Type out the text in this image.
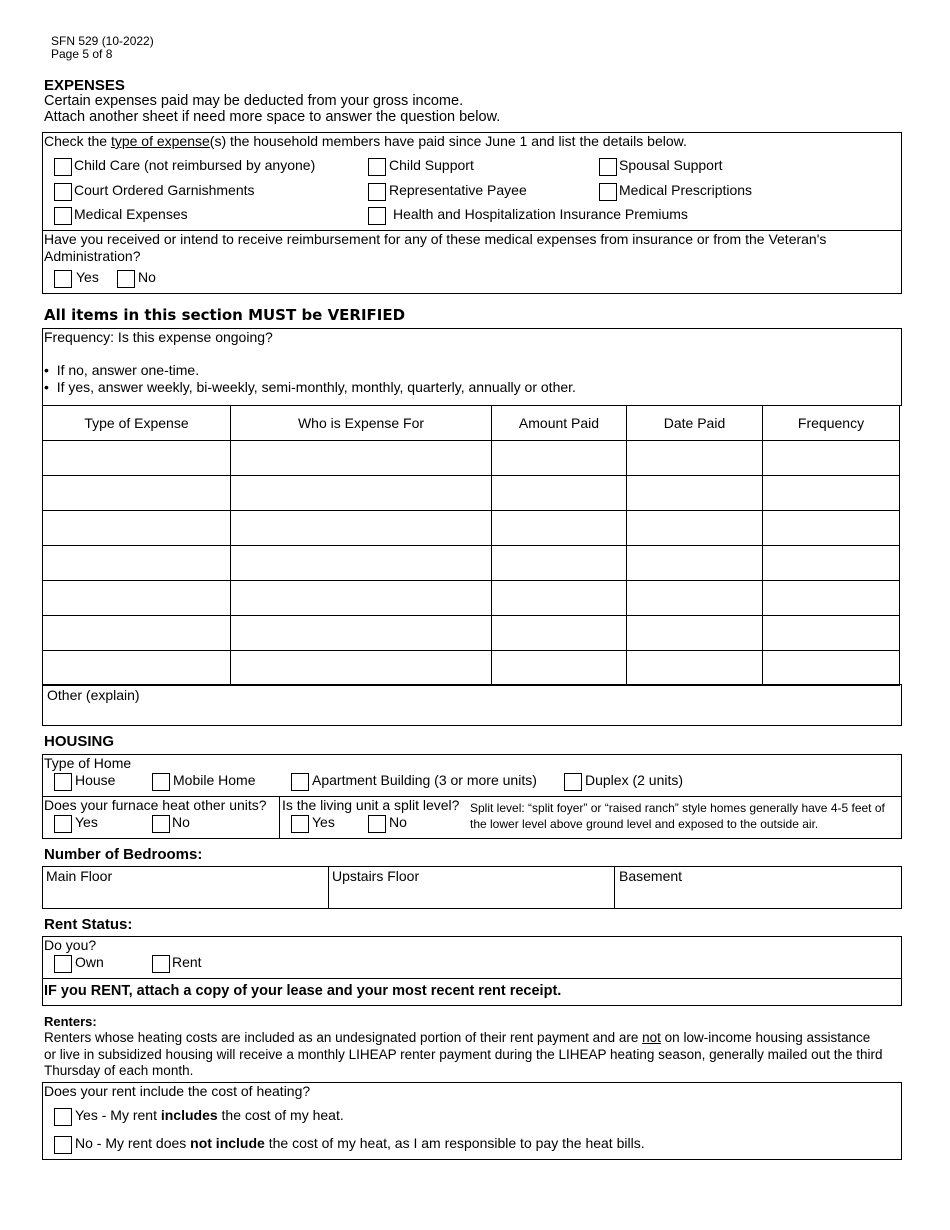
SFN 529 (10-2022)
Page 5 of 8
EXPENSES
Certain expenses paid may be deducted from your gross income.
Attach another sheet if need more space to answer the question below.
Check the type of expense(s) the household members have paid since June 1 and list the details below.
Child Care (not reimbursed by anyone)	Child Support	Spousal Support
Court Ordered Garnishments	Representative Payee	Medical Prescriptions
Medical Expenses	Health and Hospitalization Insurance Premiums
Have you received or intend to receive reimbursement for any of these medical expenses from insurance or from the Veteran's Administration?
Yes	No
All items in this section MUST be VERIFIED
Frequency: Is this expense ongoing?
•  If no, answer one-time.
•  If yes, answer weekly, bi-weekly, semi-monthly, monthly, quarterly, annually or other.
Type of Expense	Who is Expense For	Amount Paid	Date Paid	Frequency

Other (explain)
HOUSING
Type of Home
House	Mobile Home	Apartment Building (3 or more units)	Duplex (2 units)
Does your furnace heat other units?
Yes	No
Is the living unit a split level?
Yes	No
Split level: “split foyer” or “raised ranch” style homes generally have 4-5 feet of the lower level above ground level and exposed to the outside air.
Number of Bedrooms:
Main Floor	Upstairs Floor	Basement
Rent Status:
Do you?
Own	Rent
IF you RENT, attach a copy of your lease and your most recent rent receipt.
Renters:
Renters whose heating costs are included as an undesignated portion of their rent payment and are not on low-income housing assistance or live in subsidized housing will receive a monthly LIHEAP renter payment during the LIHEAP heating season, generally mailed out the third Thursday of each month.
Does your rent include the cost of heating?
Yes - My rent includes the cost of my heat.
No - My rent does not include the cost of my heat, as I am responsible to pay the heat bills.
